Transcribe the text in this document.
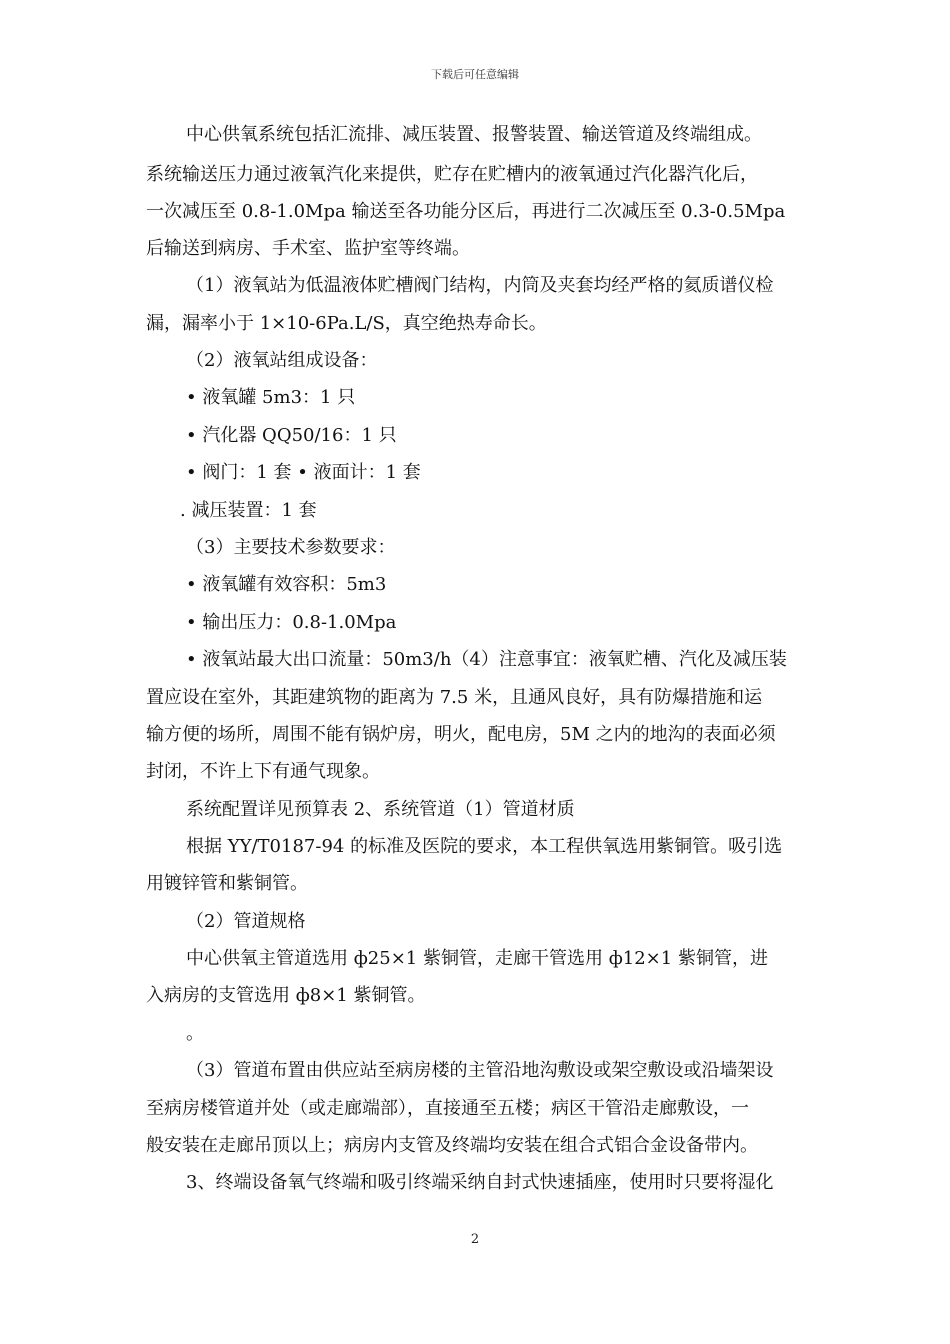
下载后可任意编辑
中心供氧系统包括汇流排、减压装置、报警装置、输送管道及终端组成。
系统输送压力通过液氧汽化来提供，贮存在贮槽内的液氧通过汽化器汽化后，
一次减压至 0.8-1.0Mpa 输送至各功能分区后，再进行二次减压至 0.3-0.5Mpa
后输送到病房、手术室、监护室等终端。
（1）液氧站为低温液体贮槽阀门结构，内筒及夹套均经严格的氦质谱仪检
漏，漏率小于 1×10-6Pa.L/S，真空绝热寿命长。
（2）液氧站组成设备：
• 液氧罐 5m3：1 只
• 汽化器 QQ50/16：1 只
• 阀门：1 套 • 液面计：1 套
. 减压装置：1 套
（3）主要技术参数要求：
• 液氧罐有效容积：5m3
• 输出压力：0.8-1.0Mpa
• 液氧站最大出口流量：50m3/h（4）注意事宜：液氧贮槽、汽化及减压装
置应设在室外，其距建筑物的距离为 7.5 米，且通风良好，具有防爆措施和运
输方便的场所，周围不能有锅炉房，明火，配电房，5M 之内的地沟的表面必须
封闭，不许上下有通气现象。
系统配置详见预算表 2、系统管道（1）管道材质
根据 YY/T0187-94 的标准及医院的要求，本工程供氧选用紫铜管。吸引选
用镀锌管和紫铜管。
（2）管道规格
中心供氧主管道选用 ф25×1 紫铜管，走廊干管选用 ф12×1 紫铜管，进
入病房的支管选用 ф8×1 紫铜管。
。
（3）管道布置由供应站至病房楼的主管沿地沟敷设或架空敷设或沿墙架设
至病房楼管道并处（或走廊端部），直接通至五楼；病区干管沿走廊敷设，一
般安装在走廊吊顶以上；病房内支管及终端均安装在组合式铝合金设备带内。
3、终端设备氧气终端和吸引终端采纳自封式快速插座，使用时只要将湿化
2
